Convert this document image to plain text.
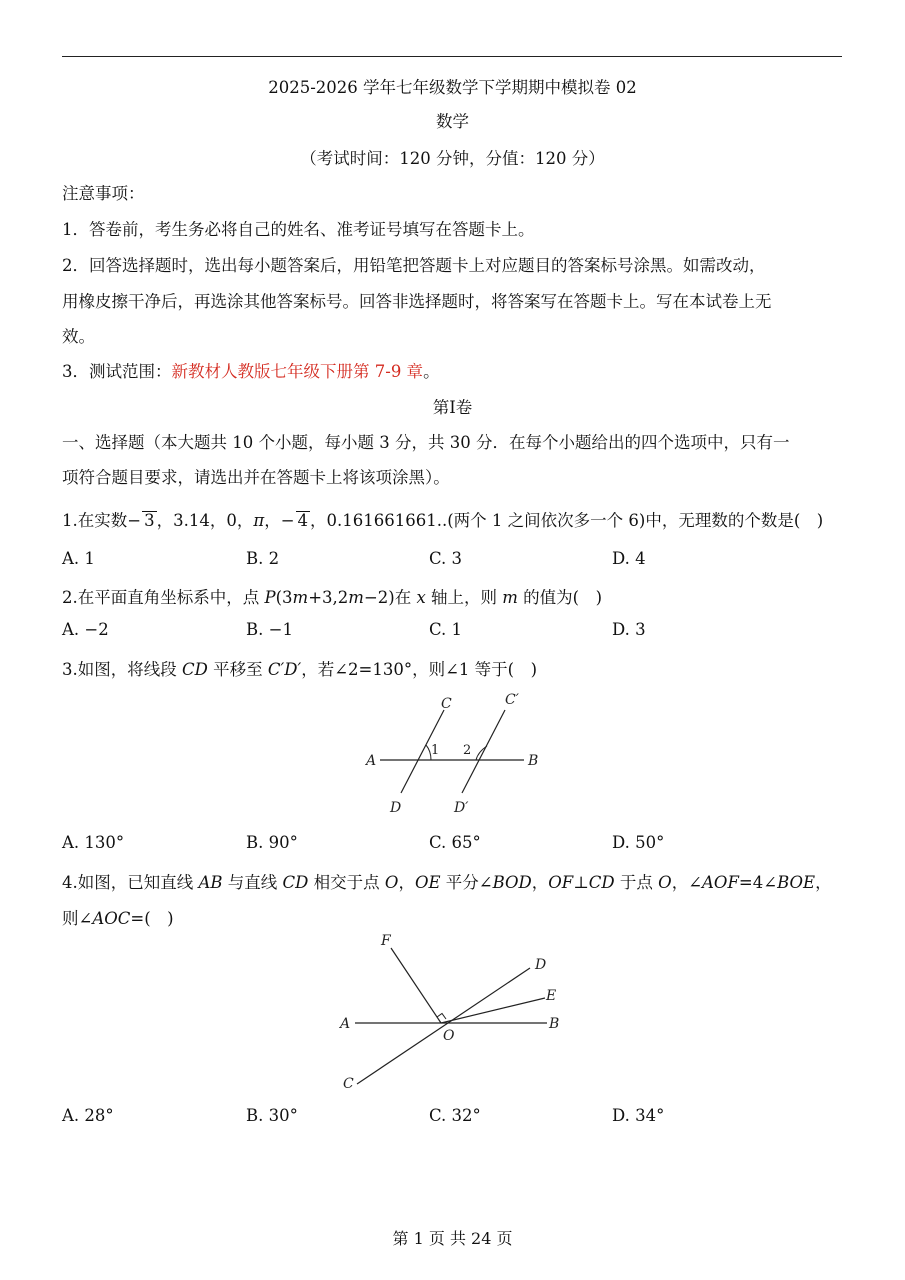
2025-2026 学年七年级数学下学期期中模拟卷 02
数学
（考试时间：120 分钟，分值：120 分）
注意事项：
1．答卷前，考生务必将自己的姓名、准考证号填写在答题卡上。
2．回答选择题时，选出每小题答案后，用铅笔把答题卡上对应题目的答案标号涂黑。如需改动，
用橡皮擦干净后，再选涂其他答案标号。回答非选择题时，将答案写在答题卡上。写在本试卷上无
效。
3．测试范围：新教材人教版七年级下册第 7-9 章。
第Ⅰ卷
一、选择题（本大题共 10 个小题，每小题 3 分，共 30 分．在每个小题给出的四个选项中，只有一
项符合题目要求，请选出并在答题卡上将该项涂黑）。
1.在实数− 3 ，3.14，0，π，− 4 ，0.161661661..(两个 1 之间依次多一个 6)中，无理数的个数是(　)
A. 1	B. 2	C. 3	D. 4
2.在平面直角坐标系中，点 P(3m+3,2m−2)在 x 轴上，则 m 的值为(　)
A. −2	B. −1	C. 1	D. 3
3.如图，将线段 CD 平移至 C′D′，若∠2=130°，则∠1 等于(　)
A	B
C	C′
D	D′
1 2
A. 130°	B. 90°	C. 65°	D. 50°
4.如图，已知直线 AB 与直线 CD 相交于点 O，OE 平分∠BOD，OF⊥CD 于点 O，∠AOF=4∠BOE，
则∠AOC=(　)
A	B
C
D
E
F
O
A. 28°	B. 30°	C. 32°	D. 34°
第 1 页 共 24 页
